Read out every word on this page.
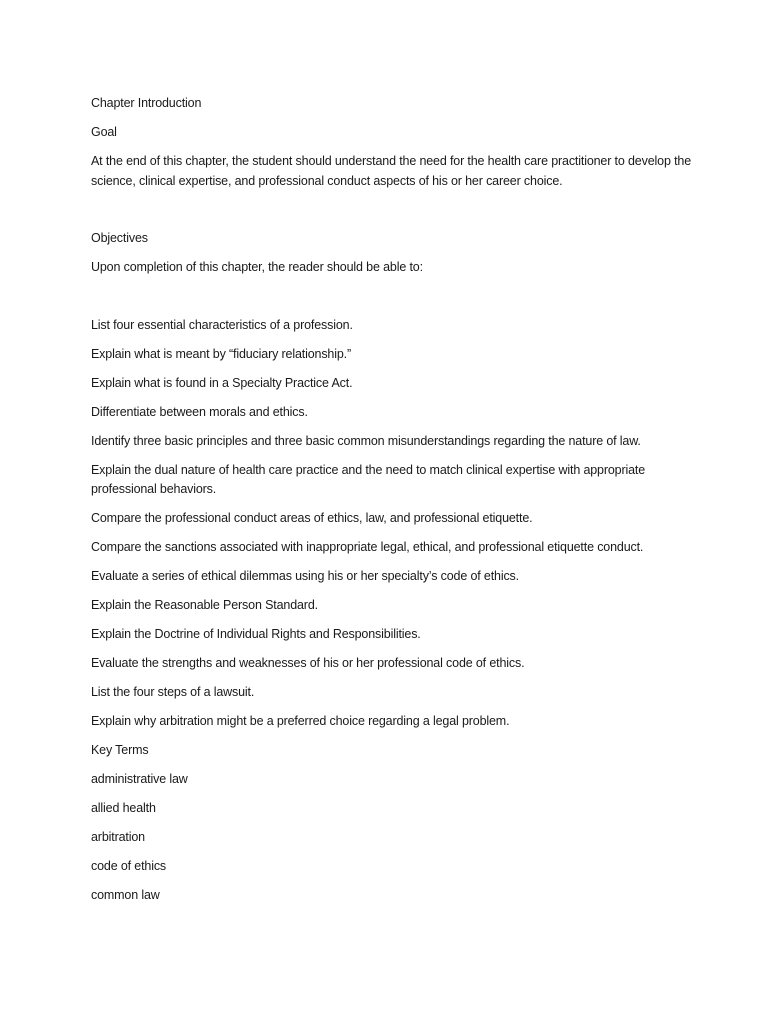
Chapter Introduction

Goal

At the end of this chapter, the student should understand the need for the health care practitioner to develop the science, clinical expertise, and professional conduct aspects of his or her career choice.

Objectives

Upon completion of this chapter, the reader should be able to:

List four essential characteristics of a profession.

Explain what is meant by “fiduciary relationship.”

Explain what is found in a Specialty Practice Act.

Differentiate between morals and ethics.

Identify three basic principles and three basic common misunderstandings regarding the nature of law.

Explain the dual nature of health care practice and the need to match clinical expertise with appropriate professional behaviors.

Compare the professional conduct areas of ethics, law, and professional etiquette.

Compare the sanctions associated with inappropriate legal, ethical, and professional etiquette conduct.

Evaluate a series of ethical dilemmas using his or her specialty’s code of ethics.

Explain the Reasonable Person Standard.

Explain the Doctrine of Individual Rights and Responsibilities.

Evaluate the strengths and weaknesses of his or her professional code of ethics.

List the four steps of a lawsuit.

Explain why arbitration might be a preferred choice regarding a legal problem.

Key Terms

administrative law

allied health

arbitration

code of ethics

common law
